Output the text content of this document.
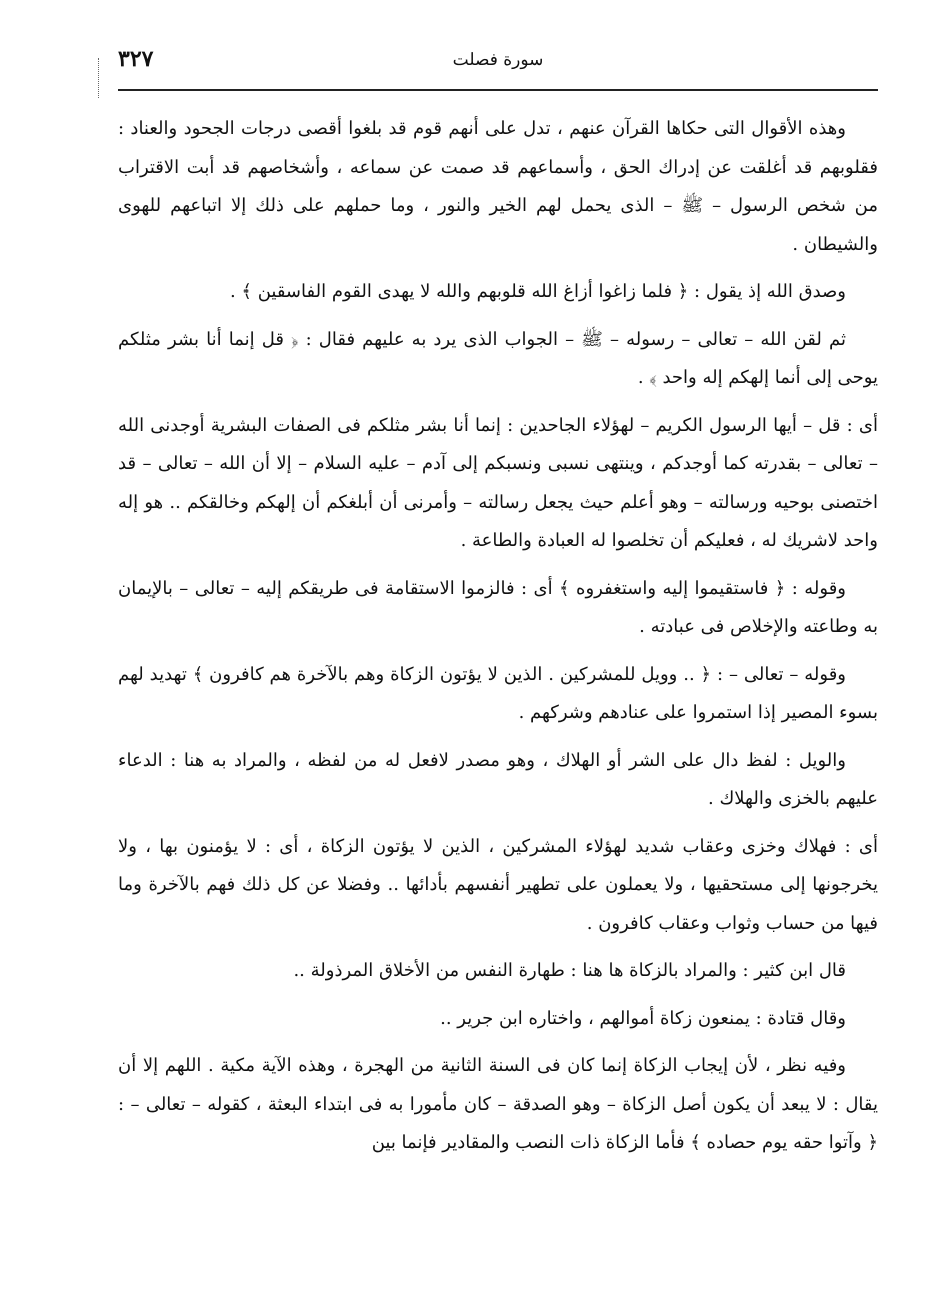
سورة فصلت
٣٢٧

وهذه الأقوال التى حكاها القرآن عنهم ، تدل على أنهم قوم قد بلغوا أقصى درجات الجحود والعناد : فقلوبهم قد أغلقت عن إدراك الحق ، وأسماعهم قد صمت عن سماعه ، وأشخاصهم قد أبت الاقتراب من شخص الرسول – ﷺ – الذى يحمل لهم الخير والنور ، وما حملهم على ذلك إلا اتباعهم للهوى والشيطان .

وصدق الله إذ يقول : ﴿ فلما زاغوا أزاغ الله قلوبهم والله لا يهدى القوم الفاسقين ﴾ .

ثم لقن الله – تعالى – رسوله – ﷺ – الجواب الذى يرد به عليهم فقال : ﴿ قل إنما أنا بشر مثلكم يوحى إلى أنما إلهكم إله واحد ﴾ .

أى : قل – أيها الرسول الكريم – لهؤلاء الجاحدين : إنما أنا بشر مثلكم فى الصفات البشرية أوجدنى الله – تعالى – بقدرته كما أوجدكم ، وينتهى نسبى ونسبكم إلى آدم – عليه السلام – إلا أن الله – تعالى – قد اختصنى بوحيه ورسالته – وهو أعلم حيث يجعل رسالته – وأمرنى أن أبلغكم أن إلهكم وخالقكم .. هو إله واحد لاشريك له ، فعليكم أن تخلصوا له العبادة والطاعة .

وقوله : ﴿ فاستقيموا إليه واستغفروه ﴾ أى : فالزموا الاستقامة فى طريقكم إليه – تعالى – بالإيمان به وطاعته والإخلاص فى عبادته .

وقوله – تعالى – : ﴿ .. وويل للمشركين . الذين لا يؤتون الزكاة وهم بالآخرة هم كافرون ﴾ تهديد لهم بسوء المصير إذا استمروا على عنادهم وشركهم .

والويل : لفظ دال على الشر أو الهلاك ، وهو مصدر لافعل له من لفظه ، والمراد به هنا : الدعاء عليهم بالخزى والهلاك .

أى : فهلاك وخزى وعقاب شديد لهؤلاء المشركين ، الذين لا يؤتون الزكاة ، أى : لا يؤمنون بها ، ولا يخرجونها إلى مستحقيها ، ولا يعملون على تطهير أنفسهم بأدائها .. وفضلا عن كل ذلك فهم بالآخرة وما فيها من حساب وثواب وعقاب كافرون .

قال ابن كثير : والمراد بالزكاة ها هنا : طهارة النفس من الأخلاق المرذولة ..

وقال قتادة : يمنعون زكاة أموالهم ، واختاره ابن جرير ..

وفيه نظر ، لأن إيجاب الزكاة إنما كان فى السنة الثانية من الهجرة ، وهذه الآية مكية . اللهم إلا أن يقال : لا يبعد أن يكون أصل الزكاة – وهو الصدقة – كان مأمورا به فى ابتداء البعثة ، كقوله – تعالى – : ﴿ وآتوا حقه يوم حصاده ﴾ فأما الزكاة ذات النصب والمقادير فإنما بين
